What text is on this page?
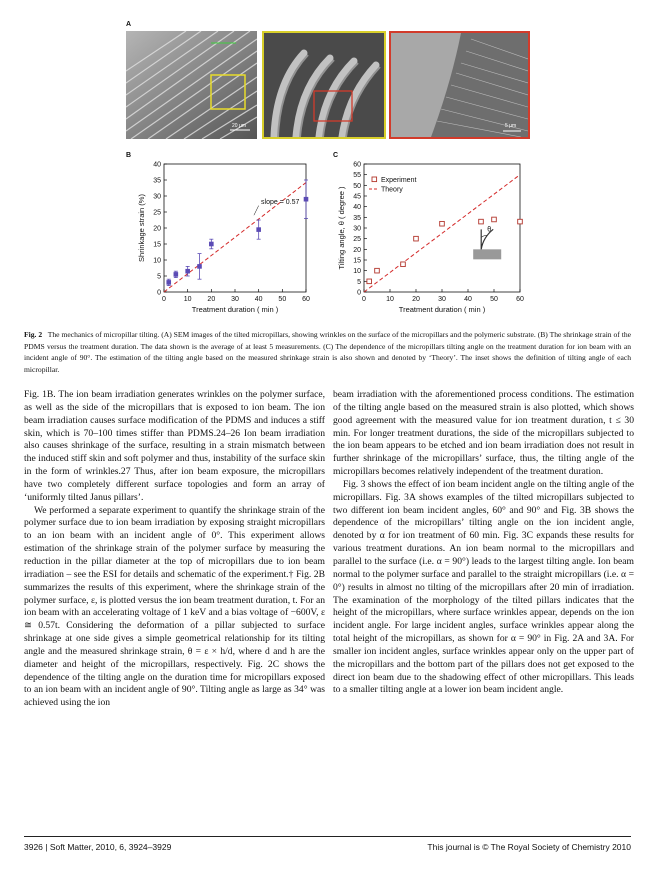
A
B	C
20 µm	5 µm
0	10 20 30 40 50 60
0
5
10
15
20
25
30
35
40
Treatment duration ( min )
Shrinkage strain (%)	slope = 0.57
0	10	20	30	40	50	60
0
5
10
15
20
25
30
35
40
45
50
55
60
Treatment duration ( min )
Tilting angle, θ ( degree )
Experiment
Theory
θ
Fig. 2 The mechanics of micropillar tilting. (A) SEM images of the tilted micropillars, showing wrinkles on the surface of the micropillars and the polymeric substrate. (B) The shrinkage strain of the PDMS versus the treatment duration. The data shown is the average of at least 5 measurements. (C) The dependence of the micropillars tilting angle on the treatment duration for ion beam with an incident angle of 90°. The estimation of the tilting angle based on the measured shrinkage strain is also shown and denoted by ‘Theory’. The inset shows the definition of tilting angle of each micropillar.

Fig. 1B. The ion beam irradiation generates wrinkles on the polymer surface, as well as the side of the micropillars that is exposed to ion beam. The ion beam irradiation causes surface modification of the PDMS and induces a stiff skin, which is 70–100 times stiffer than PDMS.24–26 Ion beam irradiation also causes shrinkage of the surface, resulting in a strain mismatch between the induced stiff skin and soft polymer and thus, instability of the surface skin in the form of wrinkles.27 Thus, after ion beam exposure, the micropillars have two completely different surface topologies and form an array of ‘uniformly tilted Janus pillars’.

We performed a separate experiment to quantify the shrinkage strain of the polymer surface due to ion beam irradiation by exposing straight micropillars to an ion beam with an incident angle of 0°. This experiment allows estimation of the shrinkage strain of the polymer surface by measuring the reduction in the pillar diameter at the top of micropillars due to ion beam irradiation – see the ESI for details and schematic of the experiment.† Fig. 2B summarizes the results of this experiment, where the shrinkage strain of the polymer surface, ε, is plotted versus the ion beam treatment duration, t. For an ion beam with an accelerating voltage of 1 keV and a bias voltage of −600V, ε ≅ 0.57t. Considering the deformation of a pillar subjected to surface shrinkage at one side gives a simple geometrical relationship for its tilting angle and the measured shrinkage strain, θ = ε × h/d, where d and h are the diameter and height of the micropillars, respectively. Fig. 2C shows the dependence of the tilting angle on the duration time for micropillars exposed to an ion beam with an incident angle of 90°. Tilting angle as large as 34° was achieved using the ion

beam irradiation with the aforementioned process conditions. The estimation of the tilting angle based on the measured strain is also plotted, which shows good agreement with the measured value for ion treatment duration, t ≤ 30 min. For longer treatment durations, the side of the micropillars subjected to the ion beam appears to be etched and ion beam irradiation does not result in further shrinkage of the micropillars’ surface, thus, the tilting angle of the micropillars becomes relatively independent of the treatment duration.

Fig. 3 shows the effect of ion beam incident angle on the tilting angle of the micropillars. Fig. 3A shows examples of the tilted micropillars subjected to two different ion beam incident angles, 60° and 90° and Fig. 3B shows the dependence of the micropillars’ tilting angle on the ion incident angle, denoted by α for ion treatment of 60 min. Fig. 3C expands these results for various treatment durations. An ion beam normal to the micropillars and parallel to the surface (i.e. α = 90°) leads to the largest tilting angle. Ion beam normal to the polymer surface and parallel to the straight micropillars (i.e. α = 0°) results in almost no tilting of the micropillars after 20 min of irradiation. The examination of the morphology of the tilted pillars indicates that the height of the micropillars, where surface wrinkles appear, depends on the ion incident angle. For large incident angles, surface wrinkles appear along the total height of the micropillars, as shown for α = 90° in Fig. 2A and 3A. For smaller ion incident angles, surface wrinkles appear only on the upper part of the micropillars and the bottom part of the pillars does not get exposed to the direct ion beam due to the shadowing effect of other micropillars. This leads to a smaller tilting angle at a lower ion beam incident angle.

3926 | Soft Matter, 2010, 6, 3924–3929	This journal is © The Royal Society of Chemistry 2010
